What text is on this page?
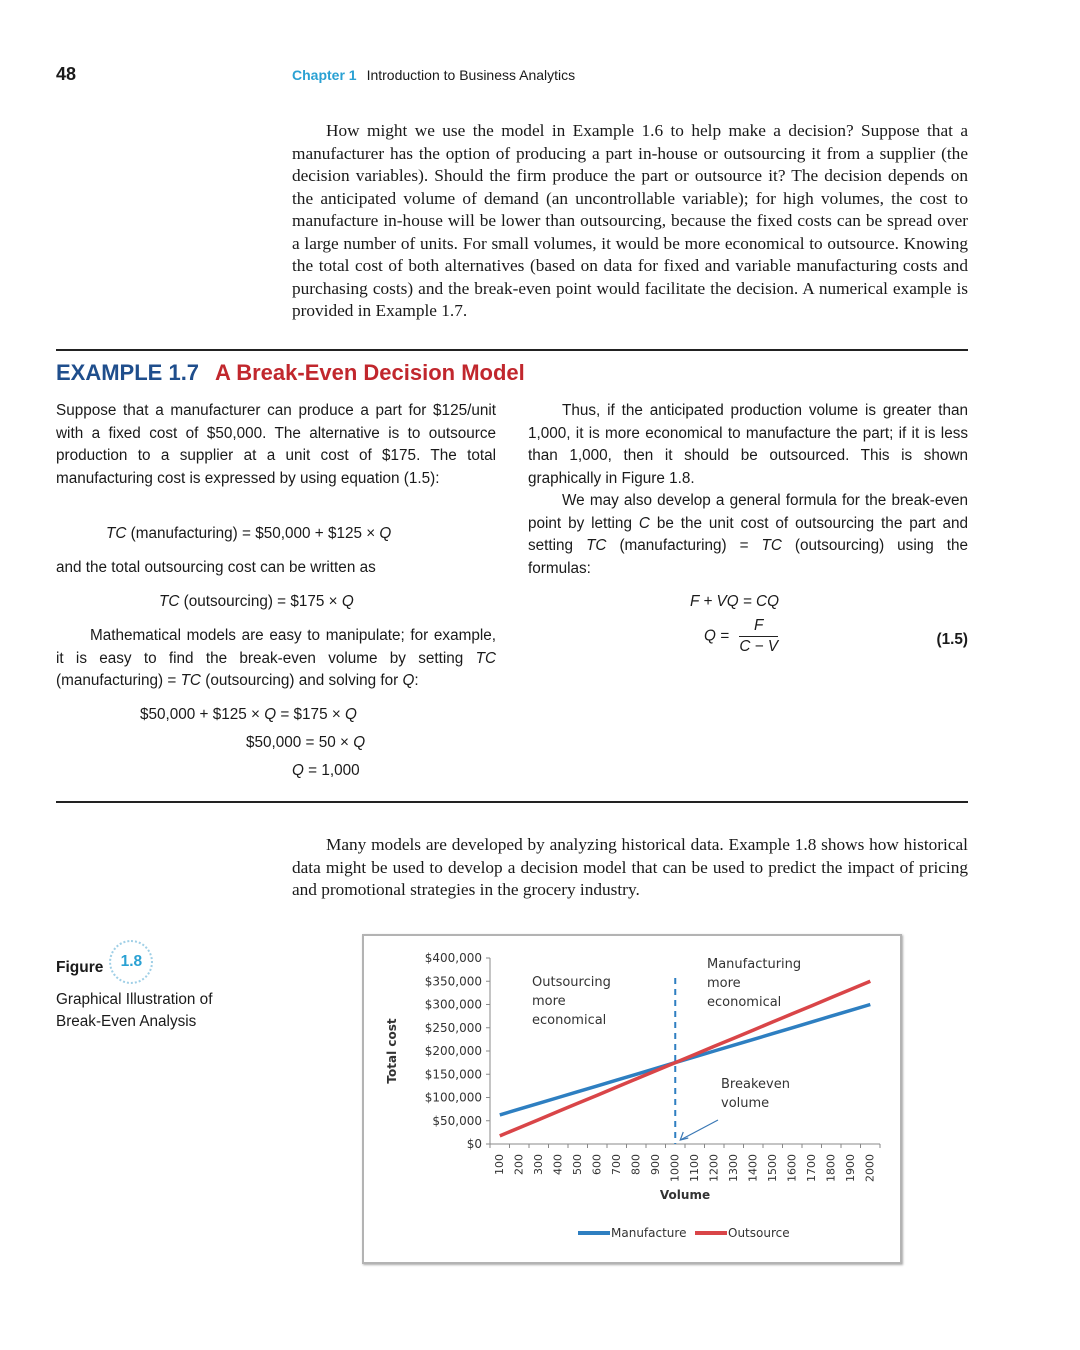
48	Chapter 1 Introduction to Business Analytics

How might we use the model in Example 1.6 to help make a decision? Suppose that a manufacturer has the option of producing a part in-house or outsourcing it from a supplier (the decision variables). Should the firm produce the part or outsource it? The decision depends on the anticipated volume of demand (an uncontrollable variable); for high volumes, the cost to manufacture in-house will be lower than outsourcing, because the fixed costs can be spread over a large number of units. For small volumes, it would be more economical to outsource. Knowing the total cost of both alternatives (based on data for fixed and variable manufacturing costs and purchasing costs) and the break-even point would facilitate the decision. A numerical example is provided in Example 1.7.

EXAMPLE 1.7 A Break-Even Decision Model

Suppose that a manufacturer can produce a part for $125/unit with a fixed cost of $50,000. The alternative is to outsource production to a supplier at a unit cost of $175. The total manufacturing cost is expressed by using equation (1.5):

TC (manufacturing) = $50,000 + $125 × Q

and the total outsourcing cost can be written as

TC (outsourcing) = $175 × Q

Mathematical models are easy to manipulate; for example, it is easy to find the break-even volume by setting TC (manufacturing) = TC (outsourcing) and solving for Q:

$50,000 + $125 × Q = $175 × Q
$50,000 = 50 × Q
Q = 1,000

Thus, if the anticipated production volume is greater than 1,000, it is more economical to manufacture the part; if it is less than 1,000, then it should be outsourced. This is shown graphically in Figure 1.8.

We may also develop a general formula for the break-even point by letting C be the unit cost of outsourcing the part and setting TC (manufacturing) = TC (outsourcing) using the formulas:

F + VQ = CQ
$Q = \frac{F}{C - V}$	(1.5)

Many models are developed by analyzing historical data. Example 1.8 shows how historical data might be used to develop a decision model that can be used to predict the impact of pricing and promotional strategies in the grocery industry.

Figure 1.8
Graphical Illustration of Break-Even Analysis
$0
$50,000
$100,000
$150,000
$200,000
$250,000
$300,000
$350,000
$400,000
100 200 300 400 500 600 700 800 900 1000 1100 1200 1300 1400 1500 1600 1700 1800 1900 2000
Volume
Total cost
Outsourcing
more
economical
Manufacturing
more
economical
Breakeven
volume
Manufacture	Outsource
